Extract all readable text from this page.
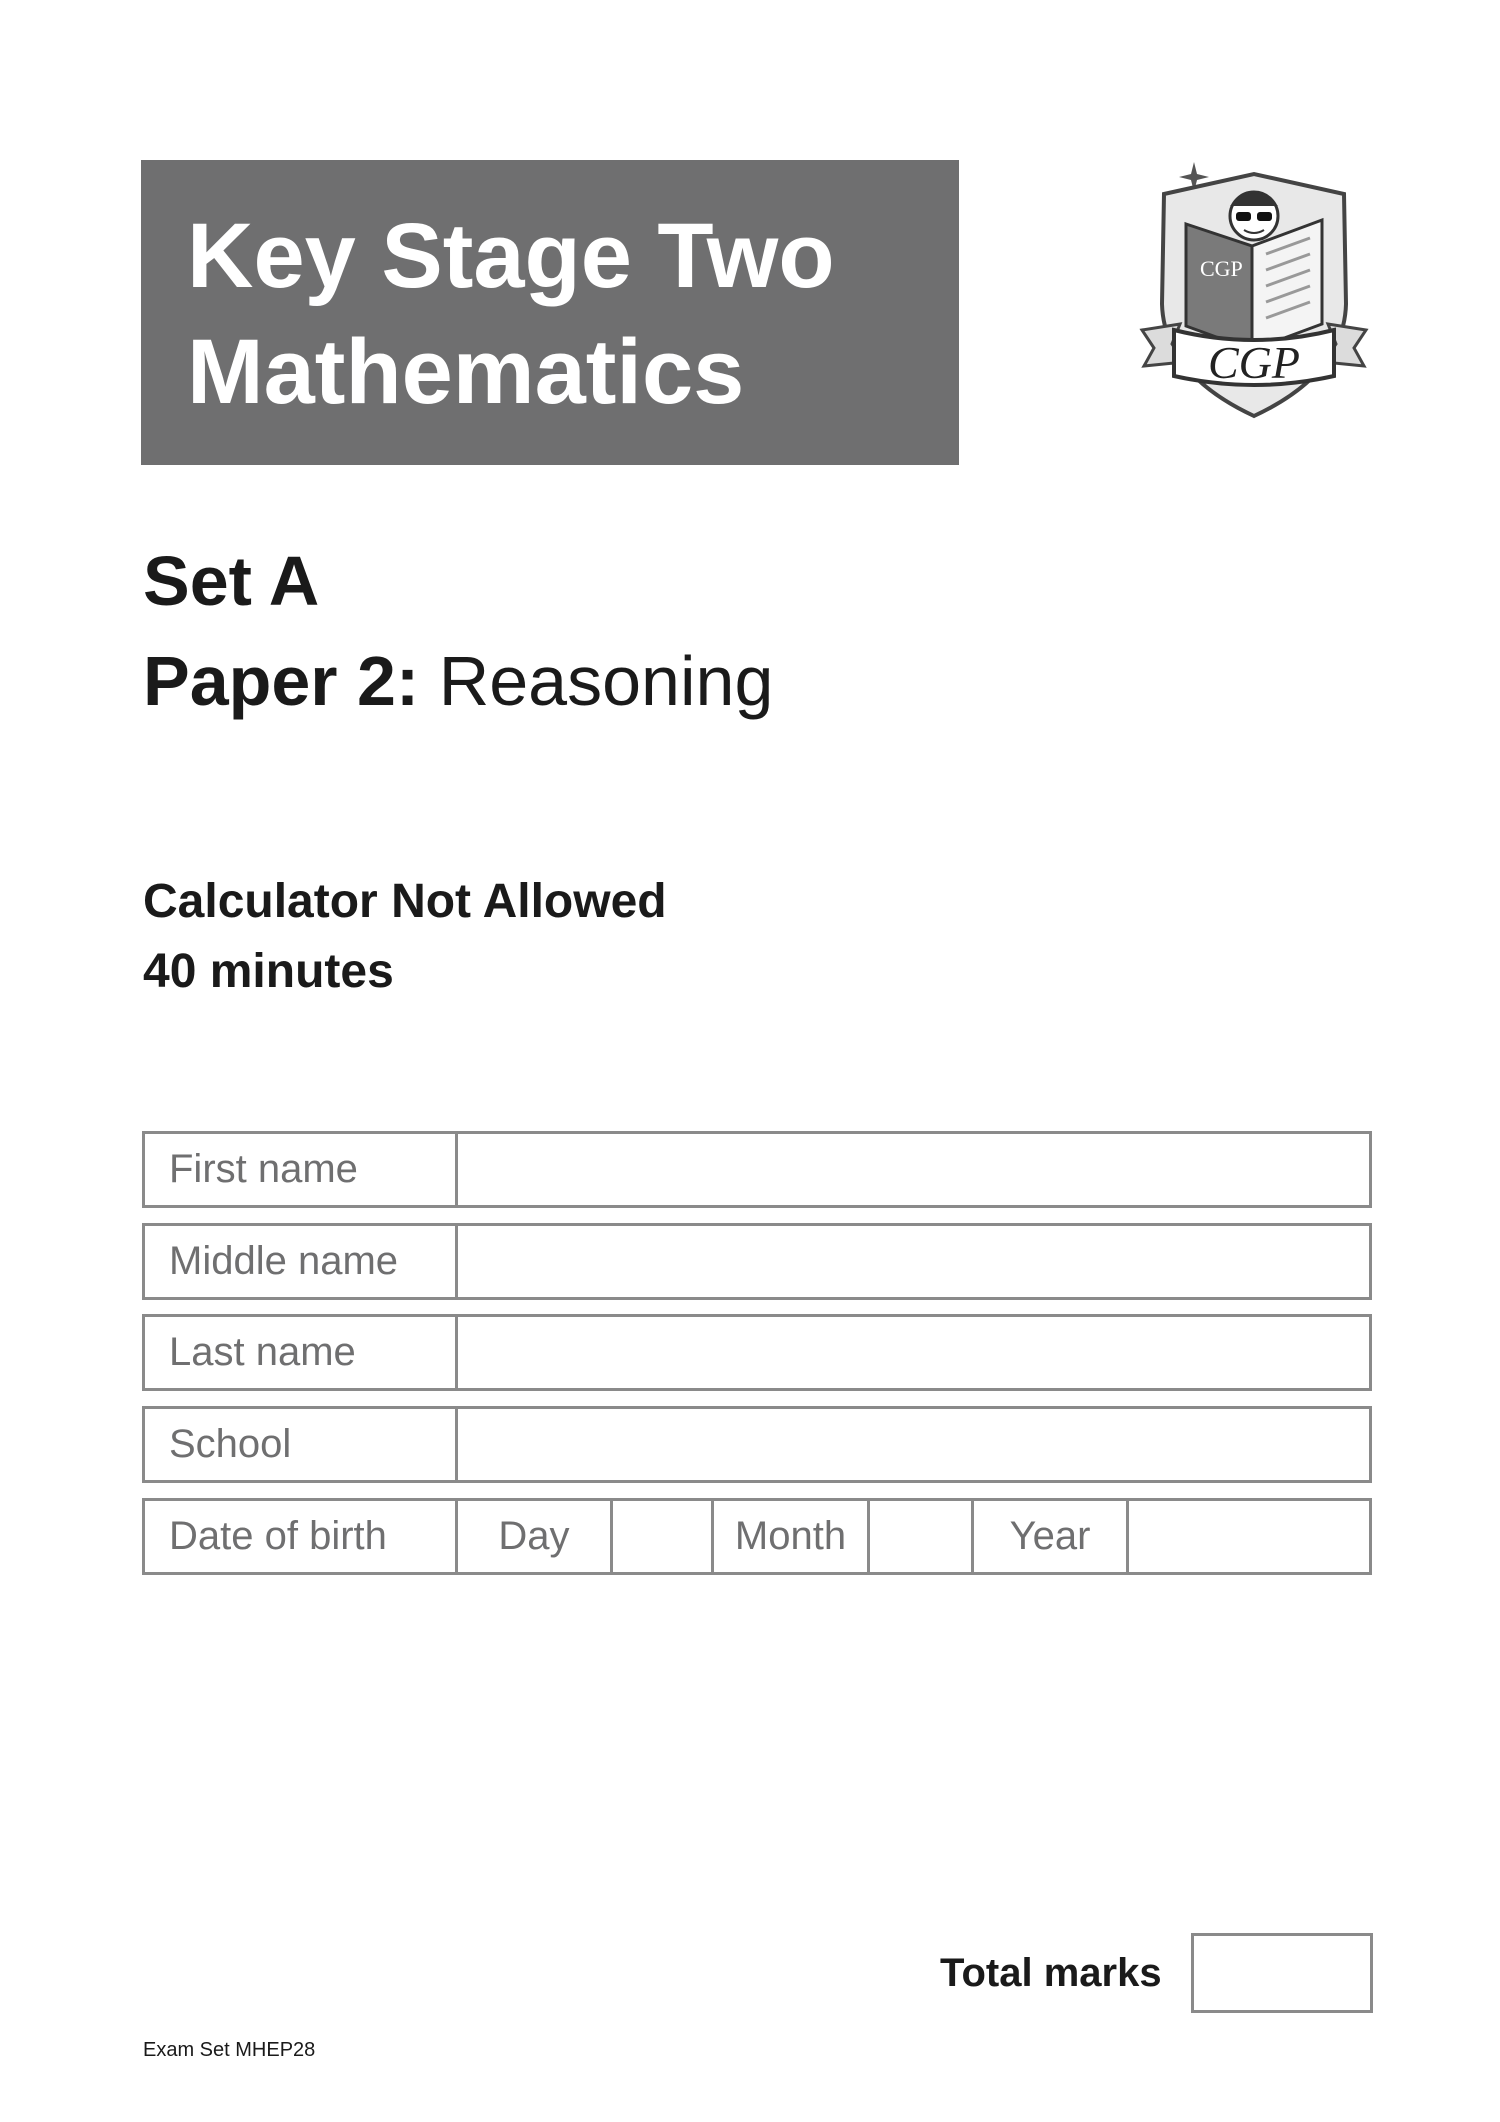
Key Stage Two
Mathematics
CGP
CGP
Set A
Paper 2: Reasoning
Calculator Not Allowed
40 minutes
First name
Middle name
Last name
School
Date of birth	Day	Month	Year
Total marks
Exam Set MHEP28
